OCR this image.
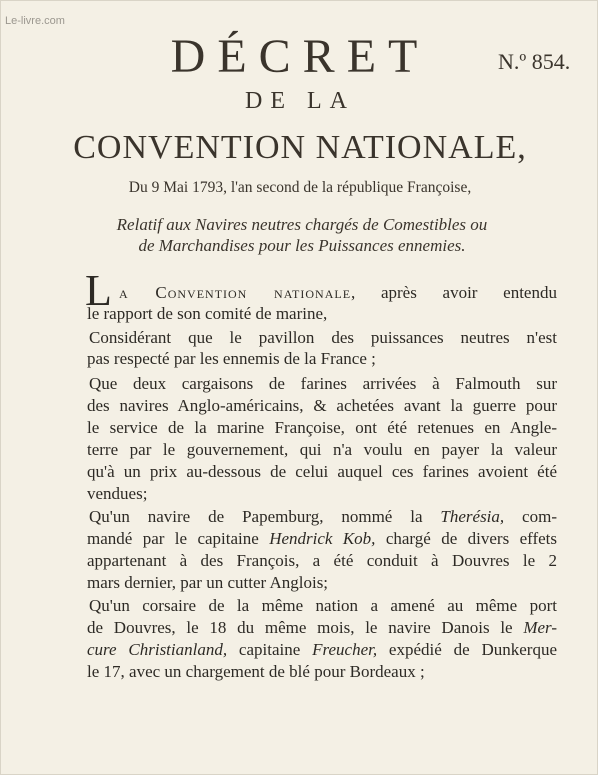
Le-livre.com
DÉCRET	N.º 854.
DE LA
CONVENTION NATIONALE,
Du 9 Mai 1793, l'an second de la république Françoise,
Relatif aux Navires neutres chargés de Comestibles ou
de Marchandises pour les Puissances ennemies.
L a Convention nationale, après avoir entendu
le rapport de son comité de marine,
Considérant que le pavillon des puissances neutres n'est
pas respecté par les ennemis de la France ;
Que deux cargaisons de farines arrivées à Falmouth sur
des navires Anglo-américains, & achetées avant la guerre pour
le service de la marine Françoise, ont été retenues en Angle-
terre par le gouvernement, qui n'a voulu en payer la valeur
qu'à un prix au-dessous de celui auquel ces farines avoient été
vendues;
Qu'un navire de Papemburg, nommé la Therésia, com-
mandé par le capitaine Hendrick Kob, chargé de divers effets
appartenant à des François, a été conduit à Douvres le 2
mars dernier, par un cutter Anglois;
Qu'un corsaire de la même nation a amené au même port
de Douvres, le 18 du même mois, le navire Danois le Mer-
cure Christianland, capitaine Freucher, expédié de Dunkerque
le 17, avec un chargement de blé pour Bordeaux ;
